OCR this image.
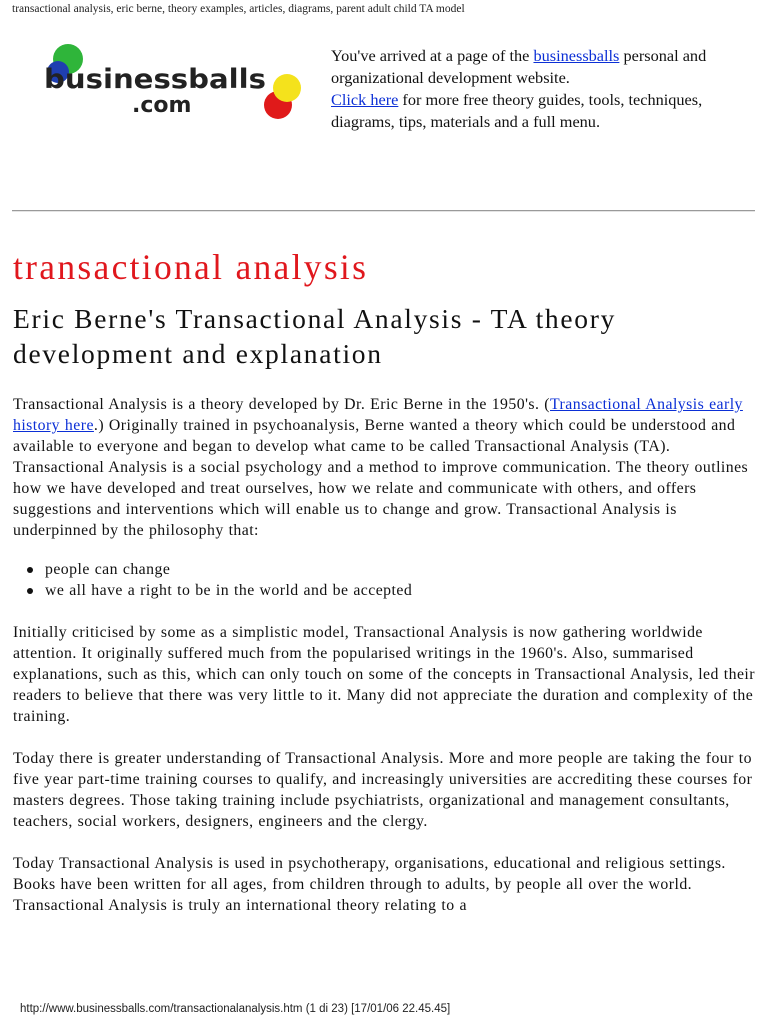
transactional analysis, eric berne, theory examples, articles, diagrams, parent adult child TA model
businessballs
.com
You've arrived at a page of the businessballs personal and organizational development website.
Click here for more free theory guides, tools, techniques, diagrams, tips, materials and a full menu.
transactional analysis
Eric Berne's Transactional Analysis - TA theory development and explanation

Transactional Analysis is a theory developed by Dr. Eric Berne in the 1950's. (Transactional Analysis early history here.) Originally trained in psychoanalysis, Berne wanted a theory which could be understood and available to everyone and began to develop what came to be called Transactional Analysis (TA). Transactional Analysis is a social psychology and a method to improve communication. The theory outlines how we have developed and treat ourselves, how we relate and communicate with others, and offers suggestions and interventions which will enable us to change and grow. Transactional Analysis is underpinned by the philosophy that:

people can change
we all have a right to be in the world and be accepted

Initially criticised by some as a simplistic model, Transactional Analysis is now gathering worldwide attention. It originally suffered much from the popularised writings in the 1960's. Also, summarised explanations, such as this, which can only touch on some of the concepts in Transactional Analysis, led their readers to believe that there was very little to it. Many did not appreciate the duration and complexity of the training.

Today there is greater understanding of Transactional Analysis. More and more people are taking the four to five year part-time training courses to qualify, and increasingly universities are accrediting these courses for masters degrees. Those taking training include psychiatrists, organizational and management consultants, teachers, social workers, designers, engineers and the clergy.

Today Transactional Analysis is used in psychotherapy, organisations, educational and religious settings. Books have been written for all ages, from children through to adults, by people all over the world. Transactional Analysis is truly an international theory relating to a

http://www.businessballs.com/transactionalanalysis.htm (1 di 23) [17/01/06 22.45.45]
